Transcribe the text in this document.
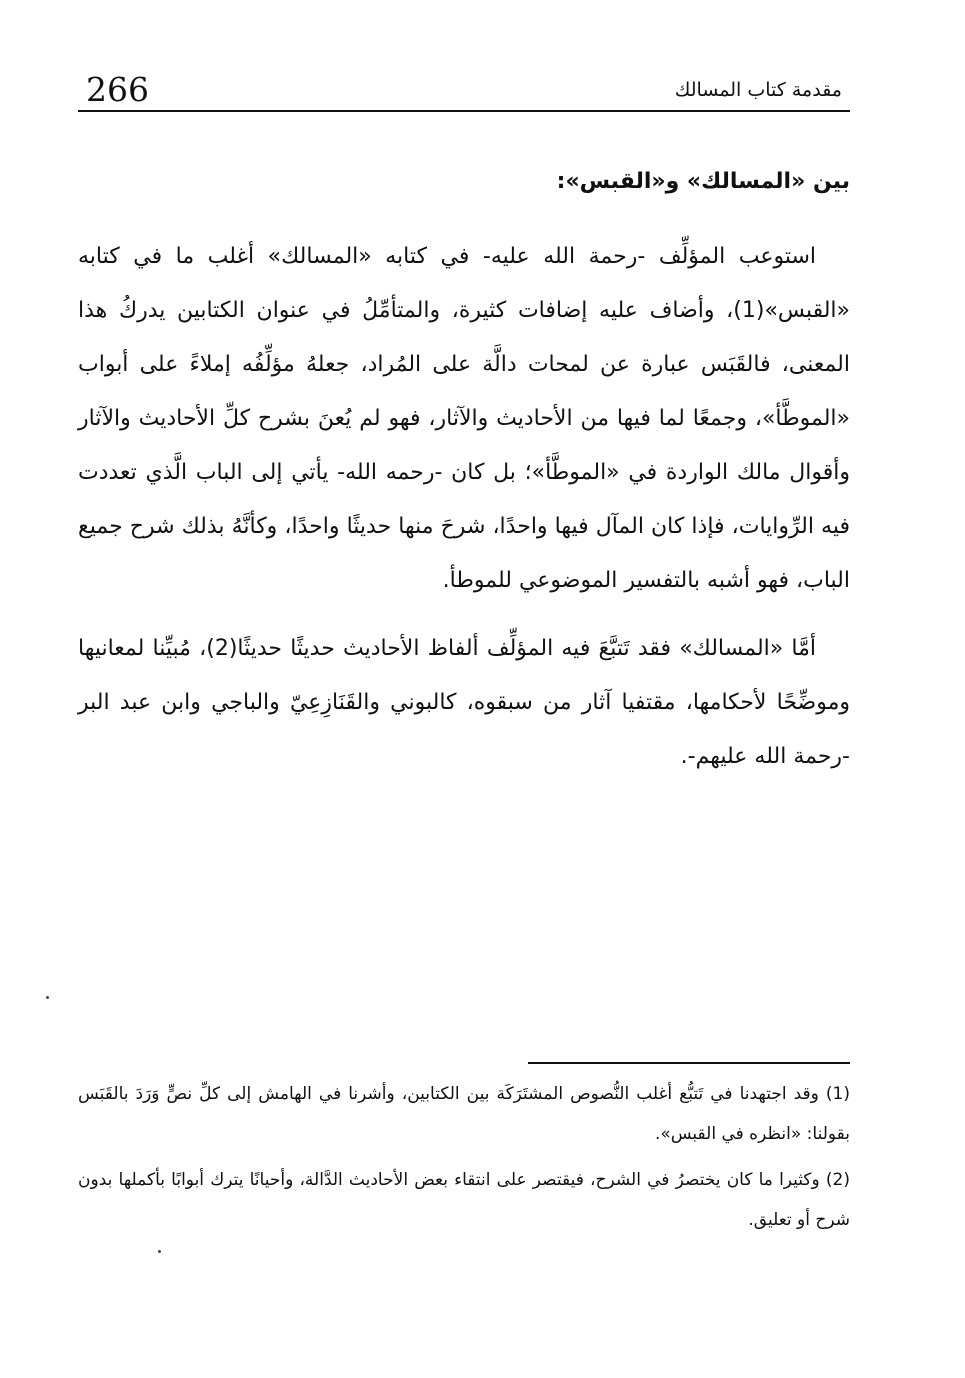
266	مقدمة كتاب المسالك

بين «المسالك» و«القبس»:

استوعب المؤلِّف -رحمة الله عليه- في كتابه «المسالك» أغلب ما في كتابه «القبس»(1)، وأضاف عليه إضافات كثيرة، والمتأمِّلُ في عنوان الكتابين يدركُ هذا المعنى، فالقَبَس عبارة عن لمحات دالَّة على المُراد، جعلهُ مؤلِّفُه إملاءً على أبواب «الموطَّأ»، وجمعًا لما فيها من الأحاديث والآثار، فهو لم يُعنَ بشرح كلِّ الأحاديث والآثار وأقوال مالك الواردة في «الموطَّأ»؛ بل كان -رحمه الله- يأتي إلى الباب الَّذي تعددت فيه الرِّوايات، فإذا كان المآل فيها واحدًا، شرحَ منها حديثًا واحدًا، وكأنَّهُ بذلك شرح جميع الباب، فهو أشبه بالتفسير الموضوعي للموطأ.

أمَّا «المسالك» فقد تَتبَّعَ فيه المؤلِّف ألفاظ الأحاديث حديثًا حديثًا(2)، مُبيِّنا لمعانيها وموضِّحًا لأحكامها، مقتفيا آثار من سبقوه، كالبوني والقَنَازِعِيّ والباجي وابن عبد البر -رحمة الله عليهم-.

(1) وقد اجتهدنا في تَتبُّع أغلب النُّصوص المشتَرَكَة بين الكتابين، وأشرنا في الهامش إلى كلِّ نصٍّ وَرَدَ بالقَبَس بقولنا: «انظره في القبس».

(2) وكثيرا ما كان يختصرُ في الشرح، فيقتصر على انتقاء بعض الأحاديث الدَّالة، وأحيانًا يترك أبوابًا بأكملها بدون شرح أو تعليق.
